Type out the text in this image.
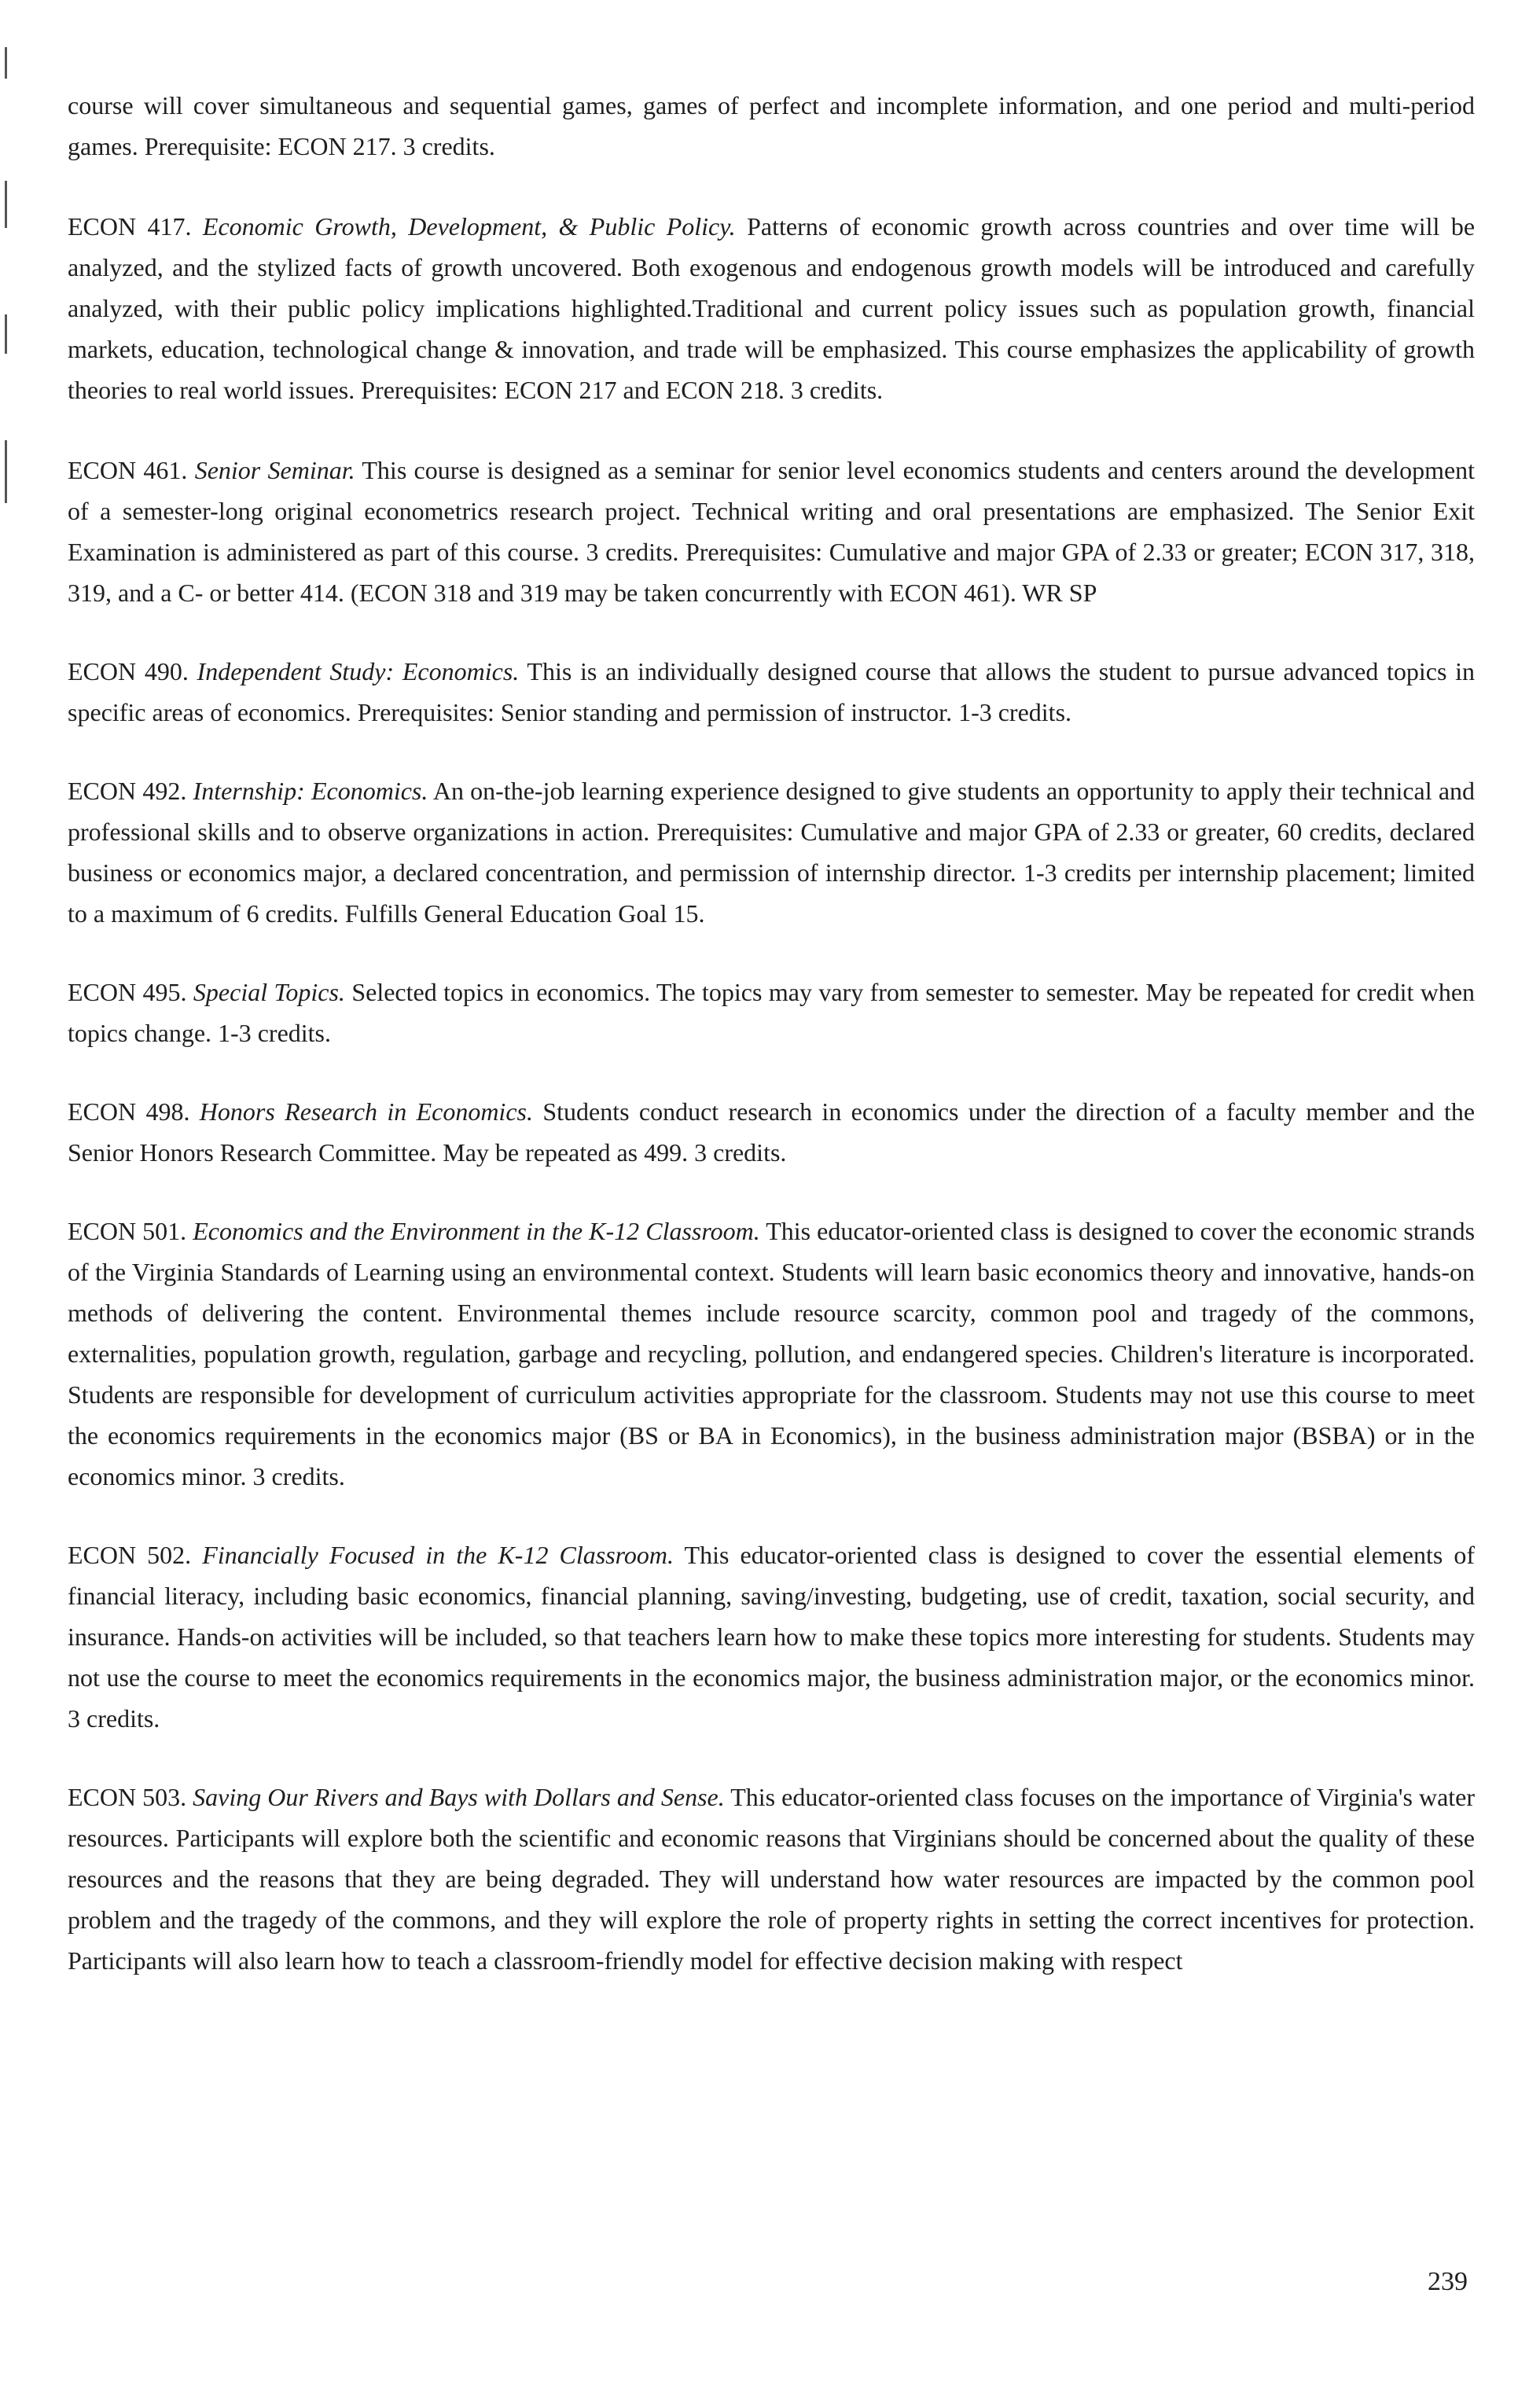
course will cover simultaneous and sequential games, games of perfect and incomplete information, and one period and multi-period games. Prerequisite: ECON 217. 3 credits.

ECON 417. Economic Growth, Development, & Public Policy. Patterns of economic growth across countries and over time will be analyzed, and the stylized facts of growth uncovered. Both exogenous and endogenous growth models will be introduced and carefully analyzed, with their public policy implications highlighted.Traditional and current policy issues such as population growth, financial markets, education, technological change & innovation, and trade will be emphasized. This course emphasizes the applicability of growth theories to real world issues. Prerequisites: ECON 217 and ECON 218. 3 credits.

ECON 461. Senior Seminar. This course is designed as a seminar for senior level economics students and centers around the development of a semester-long original econometrics research project. Technical writing and oral presentations are emphasized. The Senior Exit Examination is administered as part of this course. 3 credits. Prerequisites: Cumulative and major GPA of 2.33 or greater; ECON 317, 318, 319, and a C- or better 414. (ECON 318 and 319 may be taken concurrently with ECON 461). WR SP

ECON 490. Independent Study: Economics. This is an individually designed course that allows the student to pursue advanced topics in specific areas of economics. Prerequisites: Senior standing and permission of instructor. 1-3 credits.

ECON 492. Internship: Economics. An on-the-job learning experience designed to give students an opportunity to apply their technical and professional skills and to observe organizations in action. Prerequisites: Cumulative and major GPA of 2.33 or greater, 60 credits, declared business or economics major, a declared concentration, and permission of internship director. 1-3 credits per internship placement; limited to a maximum of 6 credits. Fulfills General Education Goal 15.

ECON 495. Special Topics. Selected topics in economics. The topics may vary from semester to semester. May be repeated for credit when topics change. 1-3 credits.

ECON 498. Honors Research in Economics. Students conduct research in economics under the direction of a faculty member and the Senior Honors Research Committee. May be repeated as 499. 3 credits.

ECON 501. Economics and the Environment in the K-12 Classroom. This educator-oriented class is designed to cover the economic strands of the Virginia Standards of Learning using an environmental context. Students will learn basic economics theory and innovative, hands-on methods of delivering the content. Environmental themes include resource scarcity, common pool and tragedy of the commons, externalities, population growth, regulation, garbage and recycling, pollution, and endangered species. Children's literature is incorporated. Students are responsible for development of curriculum activities appropriate for the classroom. Students may not use this course to meet the economics requirements in the economics major (BS or BA in Economics), in the business administration major (BSBA) or in the economics minor. 3 credits.

ECON 502. Financially Focused in the K-12 Classroom. This educator-oriented class is designed to cover the essential elements of financial literacy, including basic economics, financial planning, saving/investing, budgeting, use of credit, taxation, social security, and insurance. Hands-on activities will be included, so that teachers learn how to make these topics more interesting for students. Students may not use the course to meet the economics requirements in the economics major, the business administration major, or the economics minor. 3 credits.

ECON 503. Saving Our Rivers and Bays with Dollars and Sense. This educator-oriented class focuses on the importance of Virginia's water resources. Participants will explore both the scientific and economic reasons that Virginians should be concerned about the quality of these resources and the reasons that they are being degraded. They will understand how water resources are impacted by the common pool problem and the tragedy of the commons, and they will explore the role of property rights in setting the correct incentives for protection. Participants will also learn how to teach a classroom-friendly model for effective decision making with respect

239
